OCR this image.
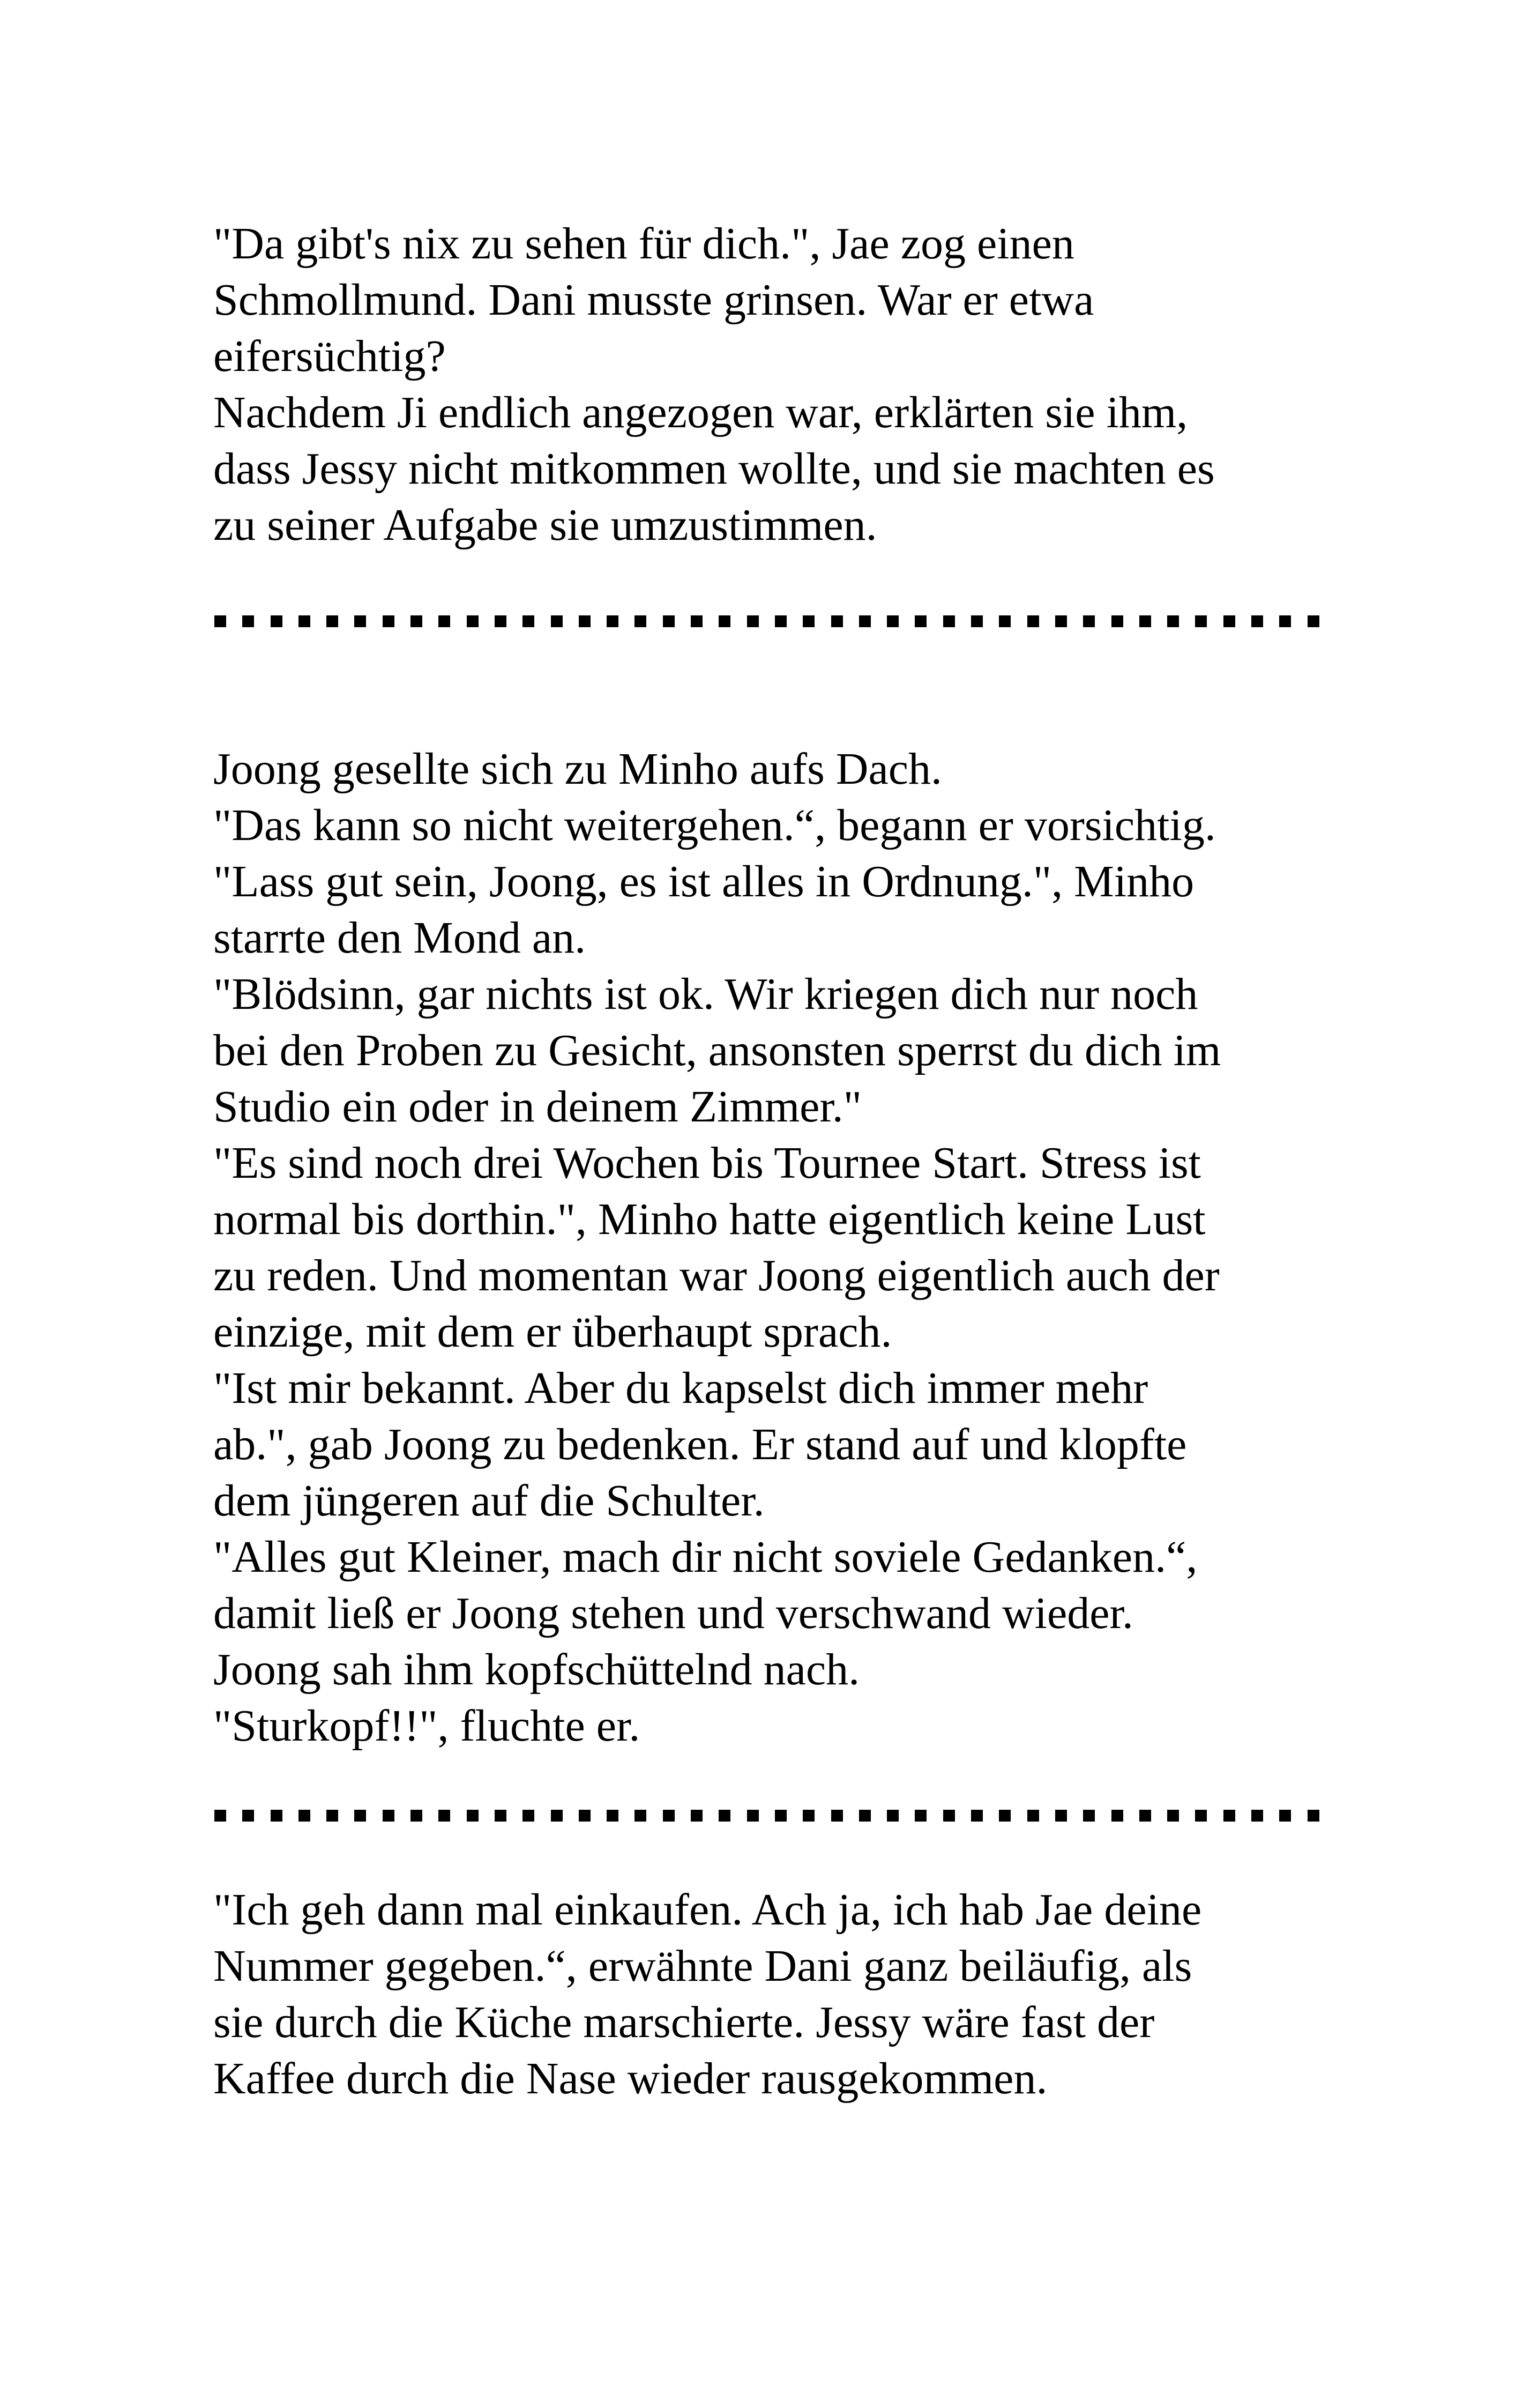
"Da gibt's nix zu sehen für dich.", Jae zog einen
Schmollmund. Dani musste grinsen. War er etwa
eifersüchtig?
Nachdem Ji endlich angezogen war, erklärten sie ihm,
dass Jessy nicht mitkommen wollte, und sie machten es
zu seiner Aufgabe sie umzustimmen.
Joong gesellte sich zu Minho aufs Dach.
"Das kann so nicht weitergehen.“, begann er vorsichtig.
"Lass gut sein, Joong, es ist alles in Ordnung.", Minho
starrte den Mond an.
"Blödsinn, gar nichts ist ok. Wir kriegen dich nur noch
bei den Proben zu Gesicht, ansonsten sperrst du dich im
Studio ein oder in deinem Zimmer."
"Es sind noch drei Wochen bis Tournee Start. Stress ist
normal bis dorthin.", Minho hatte eigentlich keine Lust
zu reden. Und momentan war Joong eigentlich auch der
einzige, mit dem er überhaupt sprach.
"Ist mir bekannt. Aber du kapselst dich immer mehr
ab.", gab Joong zu bedenken. Er stand auf und klopfte
dem jüngeren auf die Schulter.
"Alles gut Kleiner, mach dir nicht soviele Gedanken.“,
damit ließ er Joong stehen und verschwand wieder.
Joong sah ihm kopfschüttelnd nach.
"Sturkopf!!", fluchte er.
"Ich geh dann mal einkaufen. Ach ja, ich hab Jae deine
Nummer gegeben.“, erwähnte Dani ganz beiläufig, als
sie durch die Küche marschierte. Jessy wäre fast der
Kaffee durch die Nase wieder rausgekommen.
